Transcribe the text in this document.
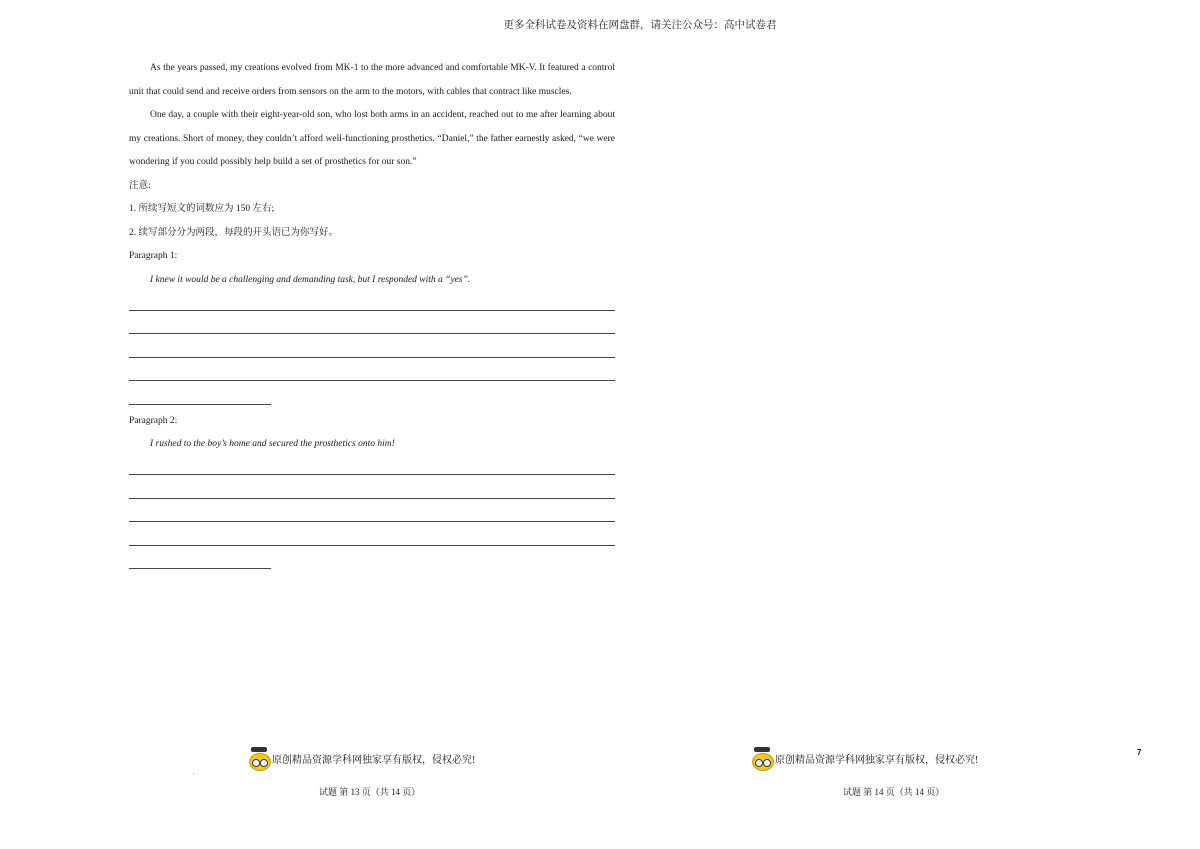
更多全科试卷及资料在网盘群，请关注公众号：高中试卷君

As the years passed, my creations evolved from MK-1 to the more advanced and comfortable MK-V. It featured a control unit that could send and receive orders from sensors on the arm to the motors, with cables that contract like muscles.

One day, a couple with their eight-year-old son, who lost both arms in an accident, reached out to me after learning about my creations. Short of money, they couldn’t afford well-functioning prosthetics. “Daniel,” the father earnestly asked, “we were wondering if you could possibly help build a set of prosthetics for our son.”

注意:

1. 所续写短文的词数应为 150 左右;

2. 续写部分分为两段，每段的开头语已为你写好。

Paragraph 1:

I knew it would be a challenging and demanding task, but I responded with a “yes”.

Paragraph 2:

I rushed to the boy’s home and secured the prosthetics onto him!

原创精品资源学科网独家享有版权，侵权必究!	原创精品资源学科网独家享有版权，侵权必究!
'
试题 第 13 页（共 14 页）	试题 第 14 页（共 14 页）
7
